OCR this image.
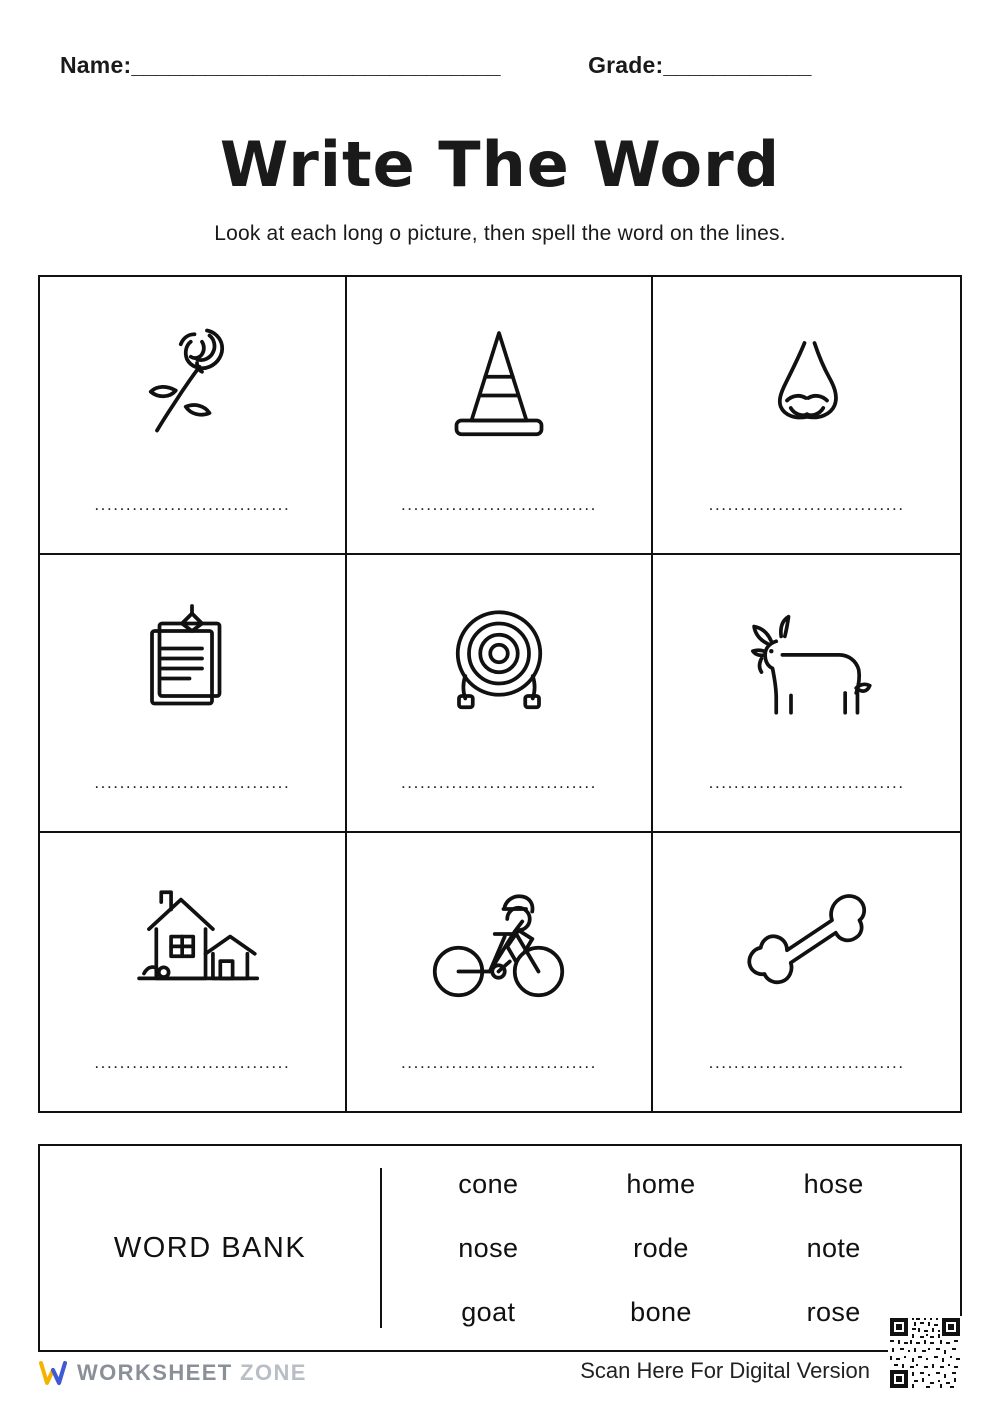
Name: ______________________________	Grade: ____________
Write The Word
Look at each long o picture, then spell the word on the lines.
...............................	...............................	...............................
...............................	...............................	...............................
...............................	...............................	...............................
WORD BANK
cone	home	hose
nose	rode	note
goat	bone	rose
WORKSHEET ZONE	Scan Here For Digital Version
